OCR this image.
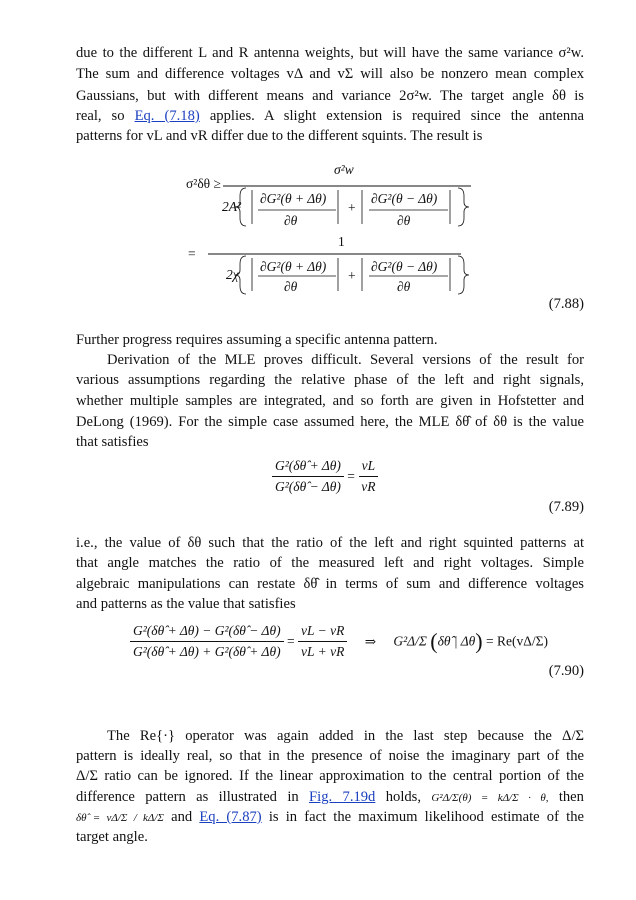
due to the different L and R antenna weights, but will have the same variance σ²w.
The sum and difference voltages vΔ and vΣ will also be nonzero mean complex
Gaussians, but with different means and variance 2σ²w. The target angle δθ is
real, so Eq. (7.18) applies. A slight extension is required since the antenna
patterns for vL and vR differ due to the different squints. The result is
σ²δθ ≥
σ²w
2A²
∂G²(θ + Δθ)
∂θ
+
∂G²(θ − Δθ)
∂θ
=
1
2χ
∂G²(θ + Δθ)
∂θ
+
∂G²(θ − Δθ)
∂θ
(7.88)
Further progress requires assuming a specific antenna pattern.
Derivation of the MLE proves difficult. Several versions of the result for
various assumptions regarding the relative phase of the left and right signals,
whether multiple samples are integrated, and so forth are given in Hofstetter and
DeLong (1969). For the simple case assumed here, the MLE δθ̂ of δθ is the value
that satisfies
$\frac{\text{G²(δθ̂ + Δθ)}}{\text{G²(δθ̂ − Δθ)}} = \frac{vL}{vR}$
(7.89)
i.e., the value of δθ such that the ratio of the left and right squinted patterns at
that angle matches the ratio of the measured left and right voltages. Simple
algebraic manipulations can restate δθ̂ in terms of sum and difference voltages
and patterns as the value that satisfies
$\frac{\text{G²(δθ̂ + Δθ) − G²(δθ̂ − Δθ)}}{\text{G²(δθ̂ + Δθ) + G²(δθ̂ + Δθ)}} = \frac{vL - vR}{vL + vR}$ ⇒ G²Δ/Σ (δθ̂ | Δθ) = Re(vΔ/Σ)
(7.90)
The Re{·} operator was again added in the last step because the Δ/Σ
pattern is ideally real, so that in the presence of noise the imaginary part of the
Δ/Σ ratio can be ignored. If the linear approximation to the central portion of the
difference pattern as illustrated in Fig. 7.19d holds, G²Δ/Σ(θ) = kΔ/Σ · θ, then
δθ̂ = vΔ/Σ / kΔ/Σ and Eq. (7.87) is in fact the maximum likelihood estimate of the
target angle.
